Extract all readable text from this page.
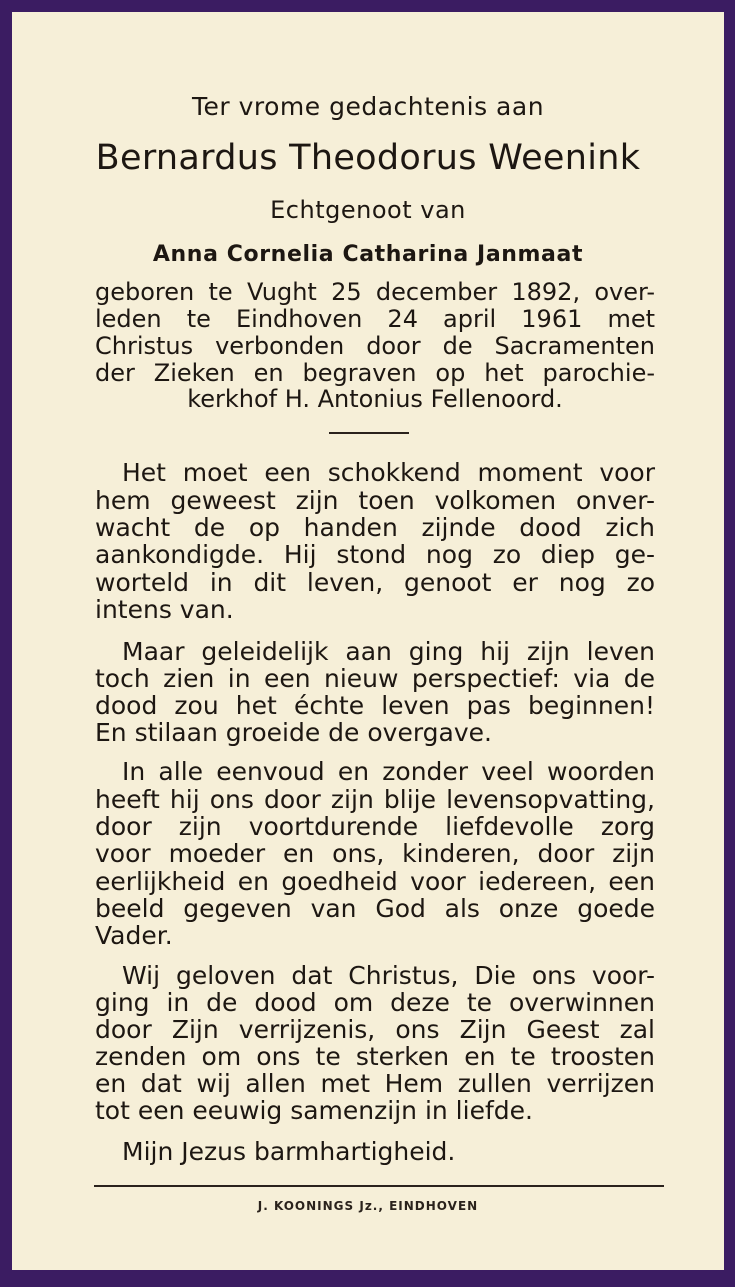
Ter vrome gedachtenis aan
Bernardus Theodorus Weenink
Echtgenoot van
Anna Cornelia Catharina Janmaat
geboren te Vught 25 december 1892, over-
leden te Eindhoven 24 april 1961 met
Christus verbonden door de Sacramenten
der Zieken en begraven op het parochie-
kerkhof H. Antonius Fellenoord.
Het moet een schokkend moment voor
hem geweest zijn toen volkomen onver-
wacht de op handen zijnde dood zich
aankondigde. Hij stond nog zo diep ge-
worteld in dit leven, genoot er nog zo
intens van.
Maar geleidelijk aan ging hij zijn leven
toch zien in een nieuw perspectief: via de
dood zou het échte leven pas beginnen!
En stilaan groeide de overgave.
In alle eenvoud en zonder veel woorden
heeft hij ons door zijn blije levensopvatting,
door zijn voortdurende liefdevolle zorg
voor moeder en ons, kinderen, door zijn
eerlijkheid en goedheid voor iedereen, een
beeld gegeven van God als onze goede
Vader.
Wij geloven dat Christus, Die ons voor-
ging in de dood om deze te overwinnen
door Zijn verrijzenis, ons Zijn Geest zal
zenden om ons te sterken en te troosten
en dat wij allen met Hem zullen verrijzen
tot een eeuwig samenzijn in liefde.
Mijn Jezus barmhartigheid.
J. KOONINGS Jz., EINDHOVEN
